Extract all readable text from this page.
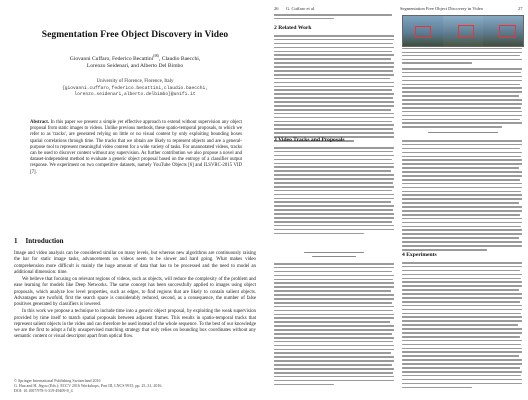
Segmentation Free Object Discovery in Video
Giovanni Cuffaro, Federico Becattini(✉), Claudio Baecchi,
Lorenzo Seidenari, and Alberto Del Bimbo
University of Florence, Florence, Italy
{giovanni.cuffaro,federico.becattini,claudio.baecchi,
lorenzo.seidenari,alberto.delbimbo}@unifi.it
Abstract. In this paper we present a simple yet effective approach to extend without supervision any object proposal from static images to videos. Unlike previous methods, these spatio-temporal proposals, to which we refer to as 'tracks', are generated relying on little or no visual content by only exploiting bounding boxes spatial correlations through time. The tracks that we obtain are likely to represent objects and are a general-purpose tool to represent meaningful video content for a wide variety of tasks. For unannotated videos, tracks can be used to discover content without any supervision. As further contribution we also propose a novel and dataset-independent method to evaluate a generic object proposal based on the entropy of a classifier output response. We experiment on two competitive datasets, namely YouTube Objects [6] and ILSVRC-2015 VID [7].
1 Introduction

Image and video analysis can be considered similar on many levels, but whereas new algorithms are continuously raising the bar for static image tasks, advancements on videos seem to be slower and hard going. What makes video comprehension more difficult is mainly the huge amount of data that has to be processed and the need to model an additional dimension: time.

We believe that focusing on relevant regions of videos, such as objects, will reduce the complexity of the problem and ease learning for models like Deep Networks. The same concept has been successfully applied to images using object proposals, which analyze low level properties, such as edges, to find regions that are likely to contain salient objects. Advantages are twofold, first the search space is considerably reduced, second, as a consequence, the number of false positives generated by classifiers is lowered.

In this work we propose a technique to include time into a generic object proposal, by exploiting the weak supervision provided by time itself to match spatial proposals between adjacent frames. This results in spatio-temporal tracks that represent salient objects in the video and can therefore be used instead of the whole sequence. To the best of our knowledge we are the first to adopt a fully unsupervised matching strategy that only relies on bounding box coordinates without any semantic content or visual descriptor apart from optical flow.

© Springer International Publishing Switzerland 2016
G. Hua and H. Jégou (Eds.): ECCV 2016 Workshops, Part III, LNCS 9915, pp. 25–31, 2016.
DOI: 10.1007/978-3-319-49409-8_4
26 G. Cuffaro et al.
2 Related Work
3 Video Tracks and Proposals
Segmentation Free Object Discovery in Video	27
4 Experiments
